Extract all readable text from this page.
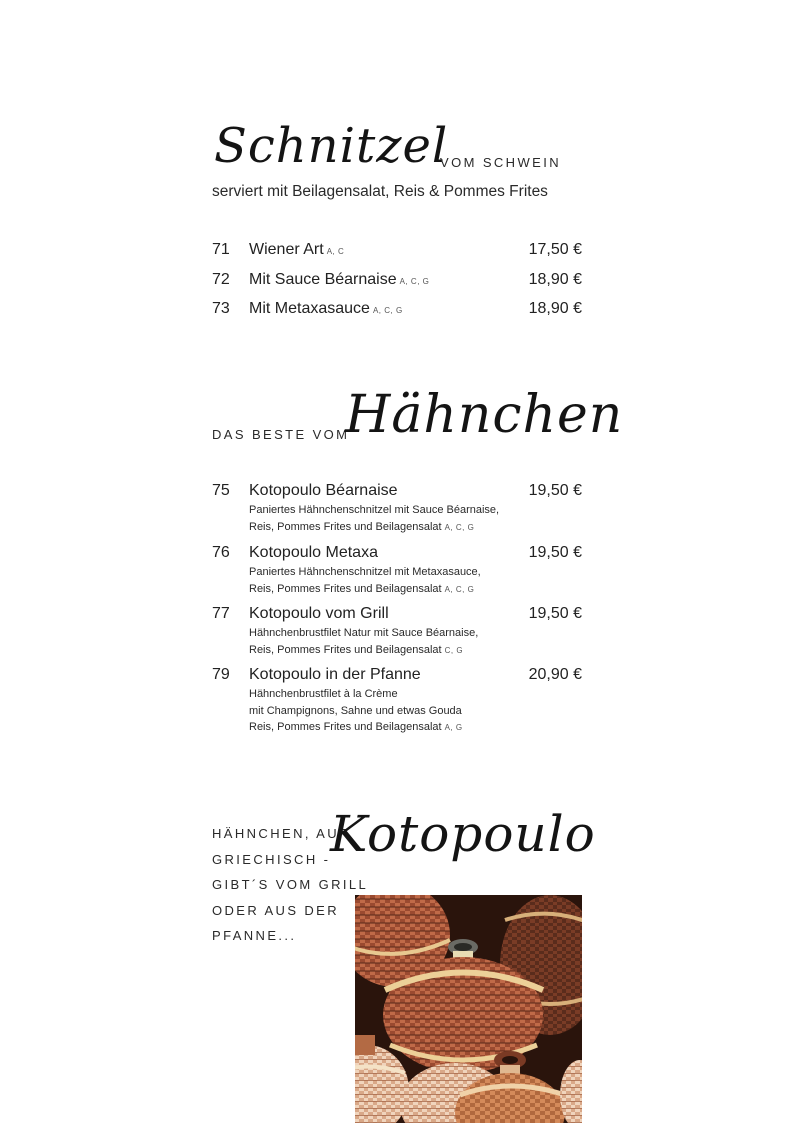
Schnitzel
VOM SCHWEIN
serviert mit Beilagensalat, Reis & Pommes Frites
71 Wiener Art A, C	17,50 €
72 Mit Sauce Béarnaise A, C, G	18,90 €
73 Mit Metaxasauce A, C, G	18,90 €
DAS BESTE VOM
Hähnchen
75 Kotopoulo Béarnaise	19,50 €
Paniertes Hähnchenschnitzel mit Sauce Béarnaise,
Reis, Pommes Frites und Beilagensalat A, C, G
76 Kotopoulo Metaxa	19,50 €
Paniertes Hähnchenschnitzel mit Metaxasauce,
Reis, Pommes Frites und Beilagensalat A, C, G
77 Kotopoulo vom Grill	19,50 €
Hähnchenbrustfilet Natur mit Sauce Béarnaise,
Reis, Pommes Frites und Beilagensalat C, G
79 Kotopoulo in der Pfanne	20,90 €
Hähnchenbrustfilet à la Crème
mit Champignons, Sahne und etwas Gouda
Reis, Pommes Frites und Beilagensalat A, G
HÄHNCHEN, AUF
GRIECHISCH -
GIBT´S VOM GRILL
ODER AUS DER
PFANNE...
Kotopoulo
